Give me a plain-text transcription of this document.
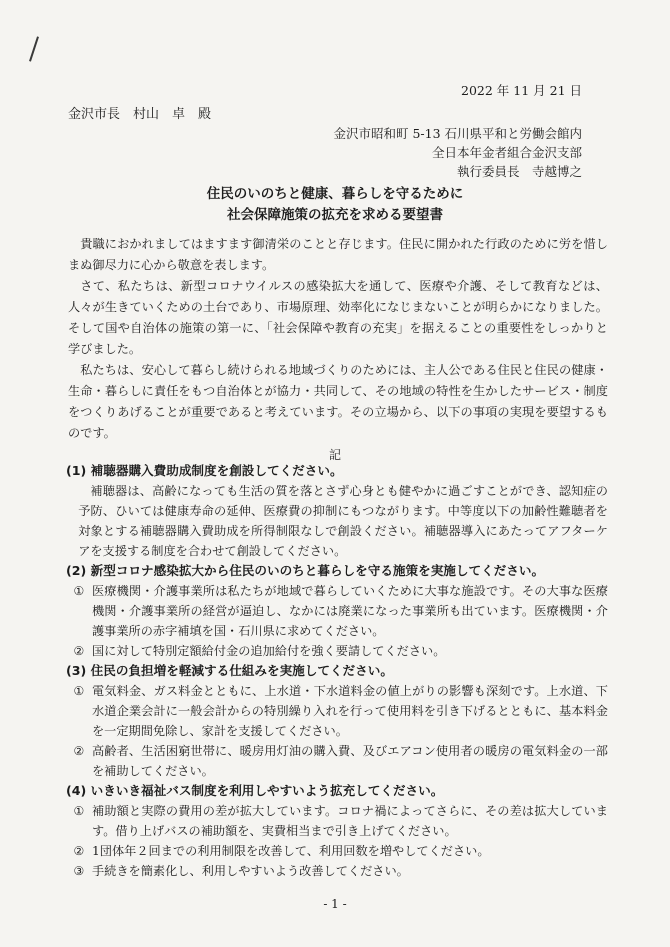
2022 年 11 月 21 日
金沢市長　村山　卓　殿
金沢市昭和町 5-13 石川県平和と労働会館内
全日本年金者組合金沢支部
執行委員長　寺越博之
住民のいのちと健康、暮らしを守るために
社会保障施策の拡充を求める要望書

貴職におかれましてはますます御清栄のことと存じます。住民に開かれた行政のために労を惜しまぬ御尽力に心から敬意を表します。

さて、私たちは、新型コロナウイルスの感染拡大を通して、医療や介護、そして教育などは、人々が生きていくための土台であり、市場原理、効率化になじまないことが明らかになりました。そして国や自治体の施策の第一に、「社会保障や教育の充実」を据えることの重要性をしっかりと学びました。

私たちは、安心して暮らし続けられる地域づくりのためには、主人公である住民と住民の健康・生命・暮らしに責任をもつ自治体とが協力・共同して、その地域の特性を生かしたサービス・制度をつくりあげることが重要であると考えています。その立場から、以下の事項の実現を要望するものです。

記

(1) 補聴器購入費助成制度を創設してください。

補聴器は、高齢になっても生活の質を落とさず心身とも健やかに過ごすことができ、認知症の予防、ひいては健康寿命の延伸、医療費の抑制にもつながります。中等度以下の加齢性難聴者を対象とする補聴器購入費助成を所得制限なしで創設ください。補聴器導入にあたってアフターケアを支援する制度を合わせて創設してください。

(2) 新型コロナ感染拡大から住民のいのちと暮らしを守る施策を実施してください。

① 医療機関・介護事業所は私たちが地域で暮らしていくために大事な施設です。その大事な医療機関・介護事業所の経営が逼迫し、なかには廃業になった事業所も出ています。医療機関・介護事業所の赤字補填を国・石川県に求めてください。
② 国に対して特別定額給付金の追加給付を強く要請してください。

(3) 住民の負担増を軽減する仕組みを実施してください。

① 電気料金、ガス料金とともに、上水道・下水道料金の値上がりの影響も深刻です。上水道、下水道企業会計に一般会計からの特別繰り入れを行って使用料を引き下げるとともに、基本料金を一定期間免除し、家計を支援してください。
② 高齢者、生活困窮世帯に、暖房用灯油の購入費、及びエアコン使用者の暖房の電気料金の一部を補助してください。

(4) いきいき福祉バス制度を利用しやすいよう拡充してください。

① 補助額と実際の費用の差が拡大しています。コロナ禍によってさらに、その差は拡大しています。借り上げバスの補助額を、実費相当まで引き上げてください。
② 1団体年２回までの利用制限を改善して、利用回数を増やしてください。
③ 手続きを簡素化し、利用しやすいよう改善してください。
- 1 -
